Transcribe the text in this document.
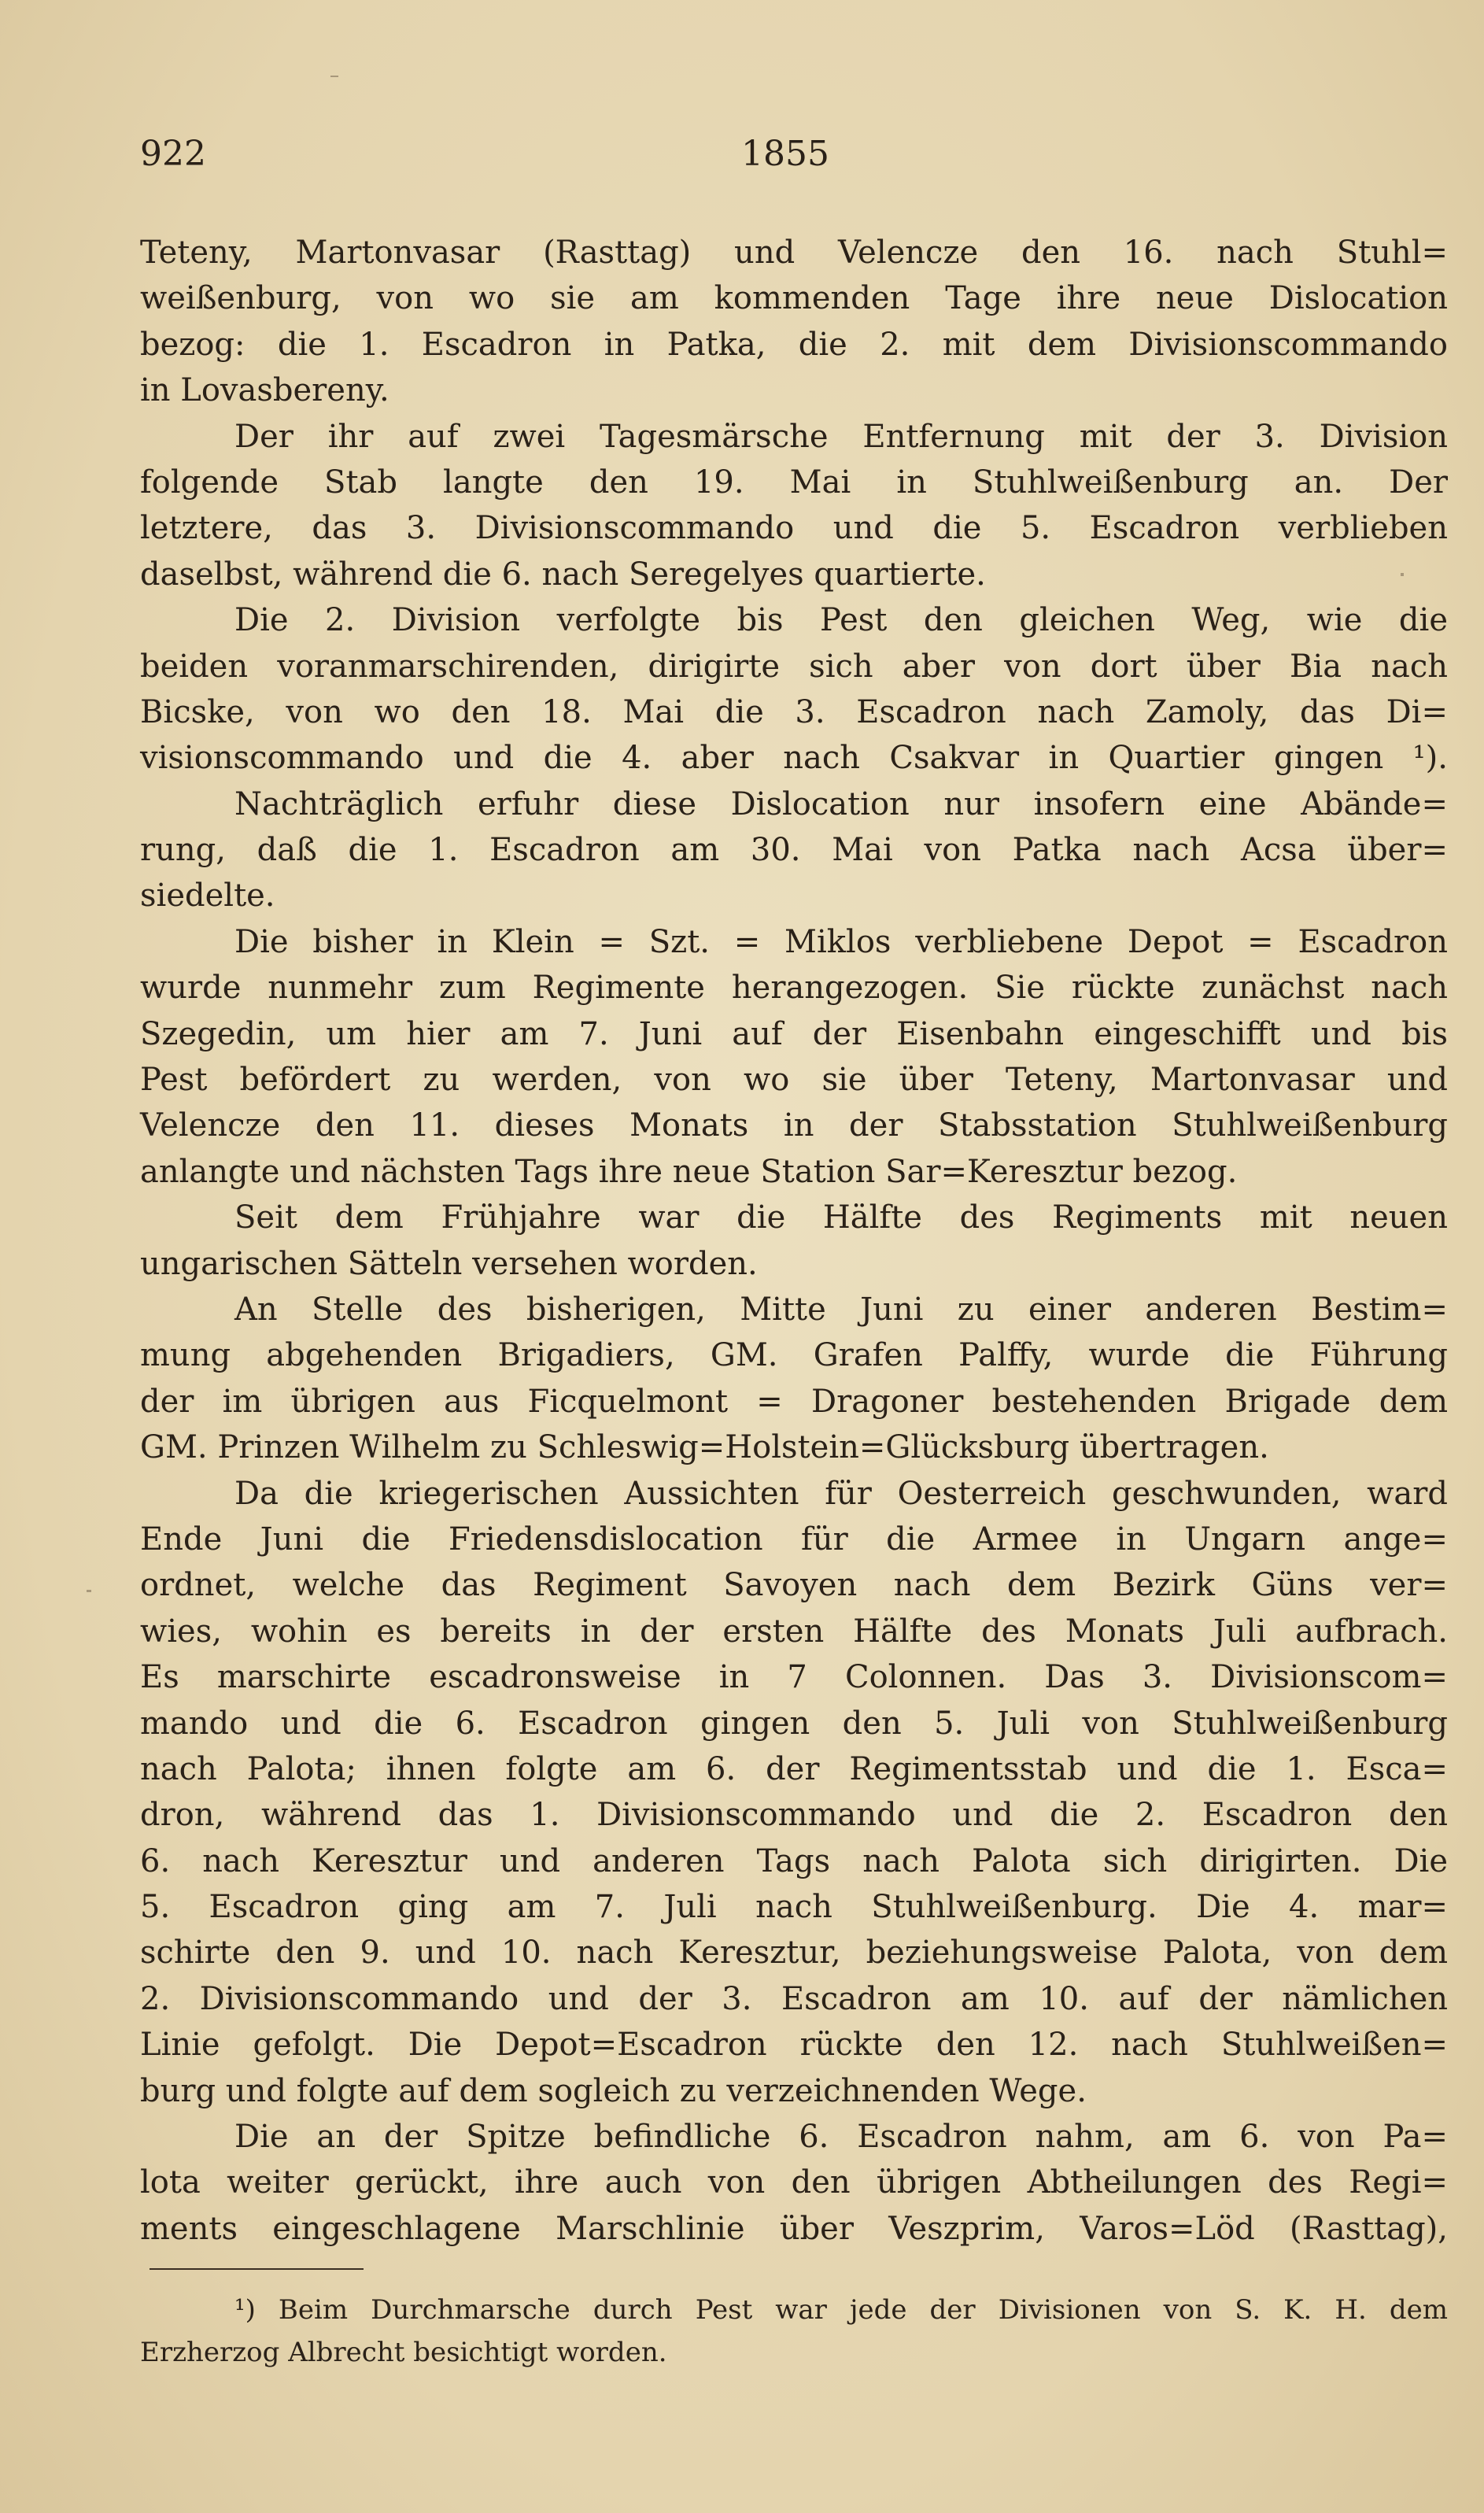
922	1855
Teteny, Martonvasar (Rasttag) und Velencze den 16. nach Stuhl=
weißenburg, von wo sie am kommenden Tage ihre neue Dislocation
bezog: die 1. Escadron in Patka, die 2. mit dem Divisionscommando
in Lovasbereny.
Der ihr auf zwei Tagesmärsche Entfernung mit der 3. Division
folgende Stab langte den 19. Mai in Stuhlweißenburg an. Der
letztere, das 3. Divisionscommando und die 5. Escadron verblieben
daselbst, während die 6. nach Seregelyes quartierte.
Die 2. Division verfolgte bis Pest den gleichen Weg, wie die
beiden voranmarschirenden, dirigirte sich aber von dort über Bia nach
Bicske, von wo den 18. Mai die 3. Escadron nach Zamoly, das Di=
visionscommando und die 4. aber nach Csakvar in Quartier gingen ¹).
Nachträglich erfuhr diese Dislocation nur insofern eine Abände=
rung, daß die 1. Escadron am 30. Mai von Patka nach Acsa über=
siedelte.
Die bisher in Klein = Szt. = Miklos verbliebene Depot = Escadron
wurde nunmehr zum Regimente herangezogen. Sie rückte zunächst nach
Szegedin, um hier am 7. Juni auf der Eisenbahn eingeschifft und bis
Pest befördert zu werden, von wo sie über Teteny, Martonvasar und
Velencze den 11. dieses Monats in der Stabsstation Stuhlweißenburg
anlangte und nächsten Tags ihre neue Station Sar=Keresztur bezog.
Seit dem Frühjahre war die Hälfte des Regiments mit neuen
ungarischen Sätteln versehen worden.
An Stelle des bisherigen, Mitte Juni zu einer anderen Bestim=
mung abgehenden Brigadiers, GM. Grafen Palffy, wurde die Führung
der im übrigen aus Ficquelmont = Dragoner bestehenden Brigade dem
GM. Prinzen Wilhelm zu Schleswig=Holstein=Glücksburg übertragen.
Da die kriegerischen Aussichten für Oesterreich geschwunden, ward
Ende Juni die Friedensdislocation für die Armee in Ungarn ange=
ordnet, welche das Regiment Savoyen nach dem Bezirk Güns ver=
wies, wohin es bereits in der ersten Hälfte des Monats Juli aufbrach.
Es marschirte escadronsweise in 7 Colonnen. Das 3. Divisionscom=
mando und die 6. Escadron gingen den 5. Juli von Stuhlweißenburg
nach Palota; ihnen folgte am 6. der Regimentsstab und die 1. Esca=
dron, während das 1. Divisionscommando und die 2. Escadron den
6. nach Keresztur und anderen Tags nach Palota sich dirigirten. Die
5. Escadron ging am 7. Juli nach Stuhlweißenburg. Die 4. mar=
schirte den 9. und 10. nach Keresztur, beziehungsweise Palota, von dem
2. Divisionscommando und der 3. Escadron am 10. auf der nämlichen
Linie gefolgt. Die Depot=Escadron rückte den 12. nach Stuhlweißen=
burg und folgte auf dem sogleich zu verzeichnenden Wege.
Die an der Spitze befindliche 6. Escadron nahm, am 6. von Pa=
lota weiter gerückt, ihre auch von den übrigen Abtheilungen des Regi=
ments eingeschlagene Marschlinie über Veszprim, Varos=Löd (Rasttag),
¹) Beim Durchmarsche durch Pest war jede der Divisionen von S. K. H. dem
Erzherzog Albrecht besichtigt worden.
